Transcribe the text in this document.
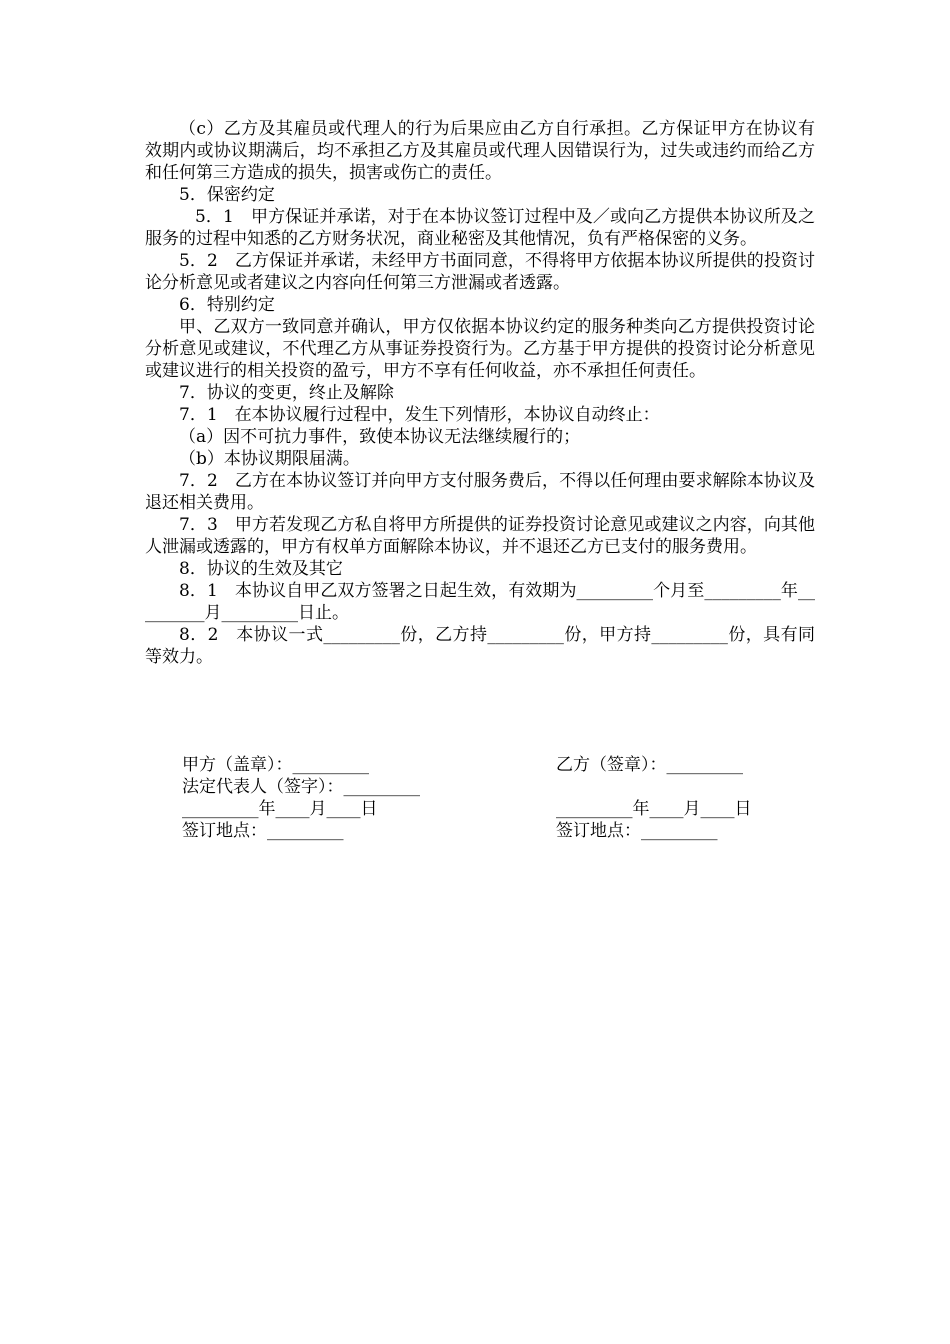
（c）乙方及其雇员或代理人的行为后果应由乙方自行承担。乙方保证甲方在协议有效期内或协议期满后，均不承担乙方及其雇员或代理人因错误行为，过失或违约而给乙方和任何第三方造成的损失，损害或伤亡的责任。

5．保密约定

5．1　甲方保证并承诺，对于在本协议签订过程中及／或向乙方提供本协议所及之服务的过程中知悉的乙方财务状况，商业秘密及其他情况，负有严格保密的义务。

5．2　乙方保证并承诺，未经甲方书面同意，不得将甲方依据本协议所提供的投资讨论分析意见或者建议之内容向任何第三方泄漏或者透露。

6．特别约定

甲、乙双方一致同意并确认，甲方仅依据本协议约定的服务种类向乙方提供投资讨论分析意见或建议，不代理乙方从事证券投资行为。乙方基于甲方提供的投资讨论分析意见或建议进行的相关投资的盈亏，甲方不享有任何收益，亦不承担任何责任。

7．协议的变更，终止及解除

7．1　在本协议履行过程中，发生下列情形，本协议自动终止：

（a）因不可抗力事件，致使本协议无法继续履行的；

（b）本协议期限届满。

7．2　乙方在本协议签订并向甲方支付服务费后，不得以任何理由要求解除本协议及退还相关费用。

7．3　甲方若发现乙方私自将甲方所提供的证券投资讨论意见或建议之内容，向其他人泄漏或透露的，甲方有权单方面解除本协议，并不退还乙方已支付的服务费用。

8．协议的生效及其它

8．1　本协议自甲乙双方签署之日起生效，有效期为_________个月至_________年_________月_________日止。

8．2　本协议一式_________份，乙方持_________份，甲方持_________份，具有同等效力。

甲方（盖章）：_________	乙方（签章）：_________
法定代表人（签字）：_________
_________年____月____日	_________年____月____日
签订地点：_________	签订地点：_________
